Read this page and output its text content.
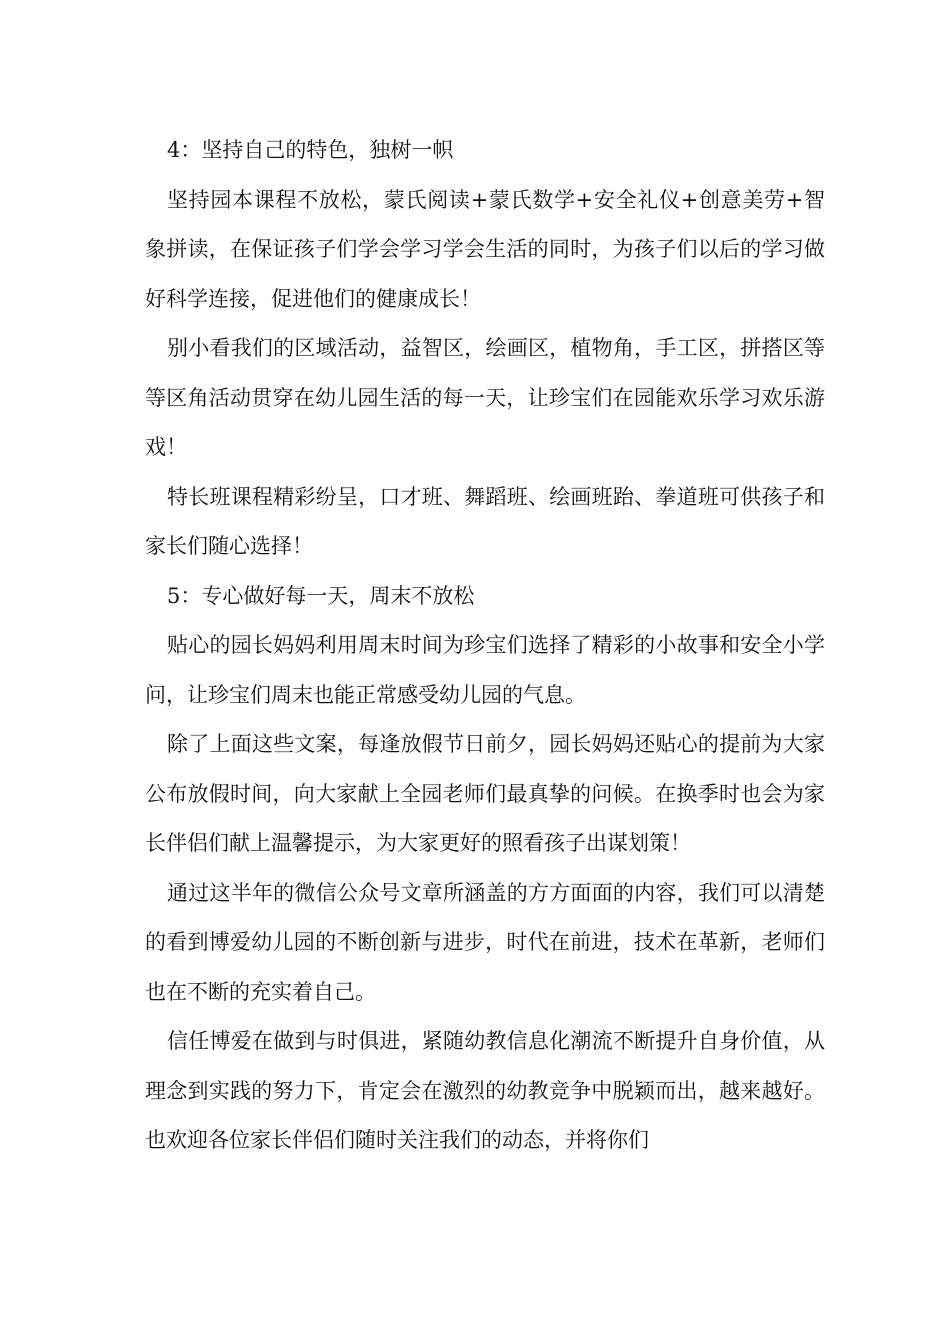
4：坚持自己的特色，独树一帜

坚持园本课程不放松，蒙氏阅读+蒙氏数学+安全礼仪+创意美劳+智象拼读，在保证孩子们学会学习学会生活的同时，为孩子们以后的学习做好科学连接，促进他们的健康成长！

别小看我们的区域活动，益智区，绘画区，植物角，手工区，拼搭区等等区角活动贯穿在幼儿园生活的每一天，让珍宝们在园能欢乐学习欢乐游戏！

特长班课程精彩纷呈，口才班、舞蹈班、绘画班跆、拳道班可供孩子和家长们随心选择！

5：专心做好每一天，周末不放松

贴心的园长妈妈利用周末时间为珍宝们选择了精彩的小故事和安全小学问，让珍宝们周末也能正常感受幼儿园的气息。

除了上面这些文案，每逢放假节日前夕，园长妈妈还贴心的提前为大家公布放假时间，向大家献上全园老师们最真挚的问候。在换季时也会为家长伴侣们献上温馨提示，为大家更好的照看孩子出谋划策！

通过这半年的微信公众号文章所涵盖的方方面面的内容，我们可以清楚的看到博爱幼儿园的不断创新与进步，时代在前进，技术在革新，老师们也在不断的充实着自己。

信任博爱在做到与时俱进，紧随幼教信息化潮流不断提升自身价值，从理念到实践的努力下，肯定会在激烈的幼教竞争中脱颖而出，越来越好。也欢迎各位家长伴侣们随时关注我们的动态，并将你们
